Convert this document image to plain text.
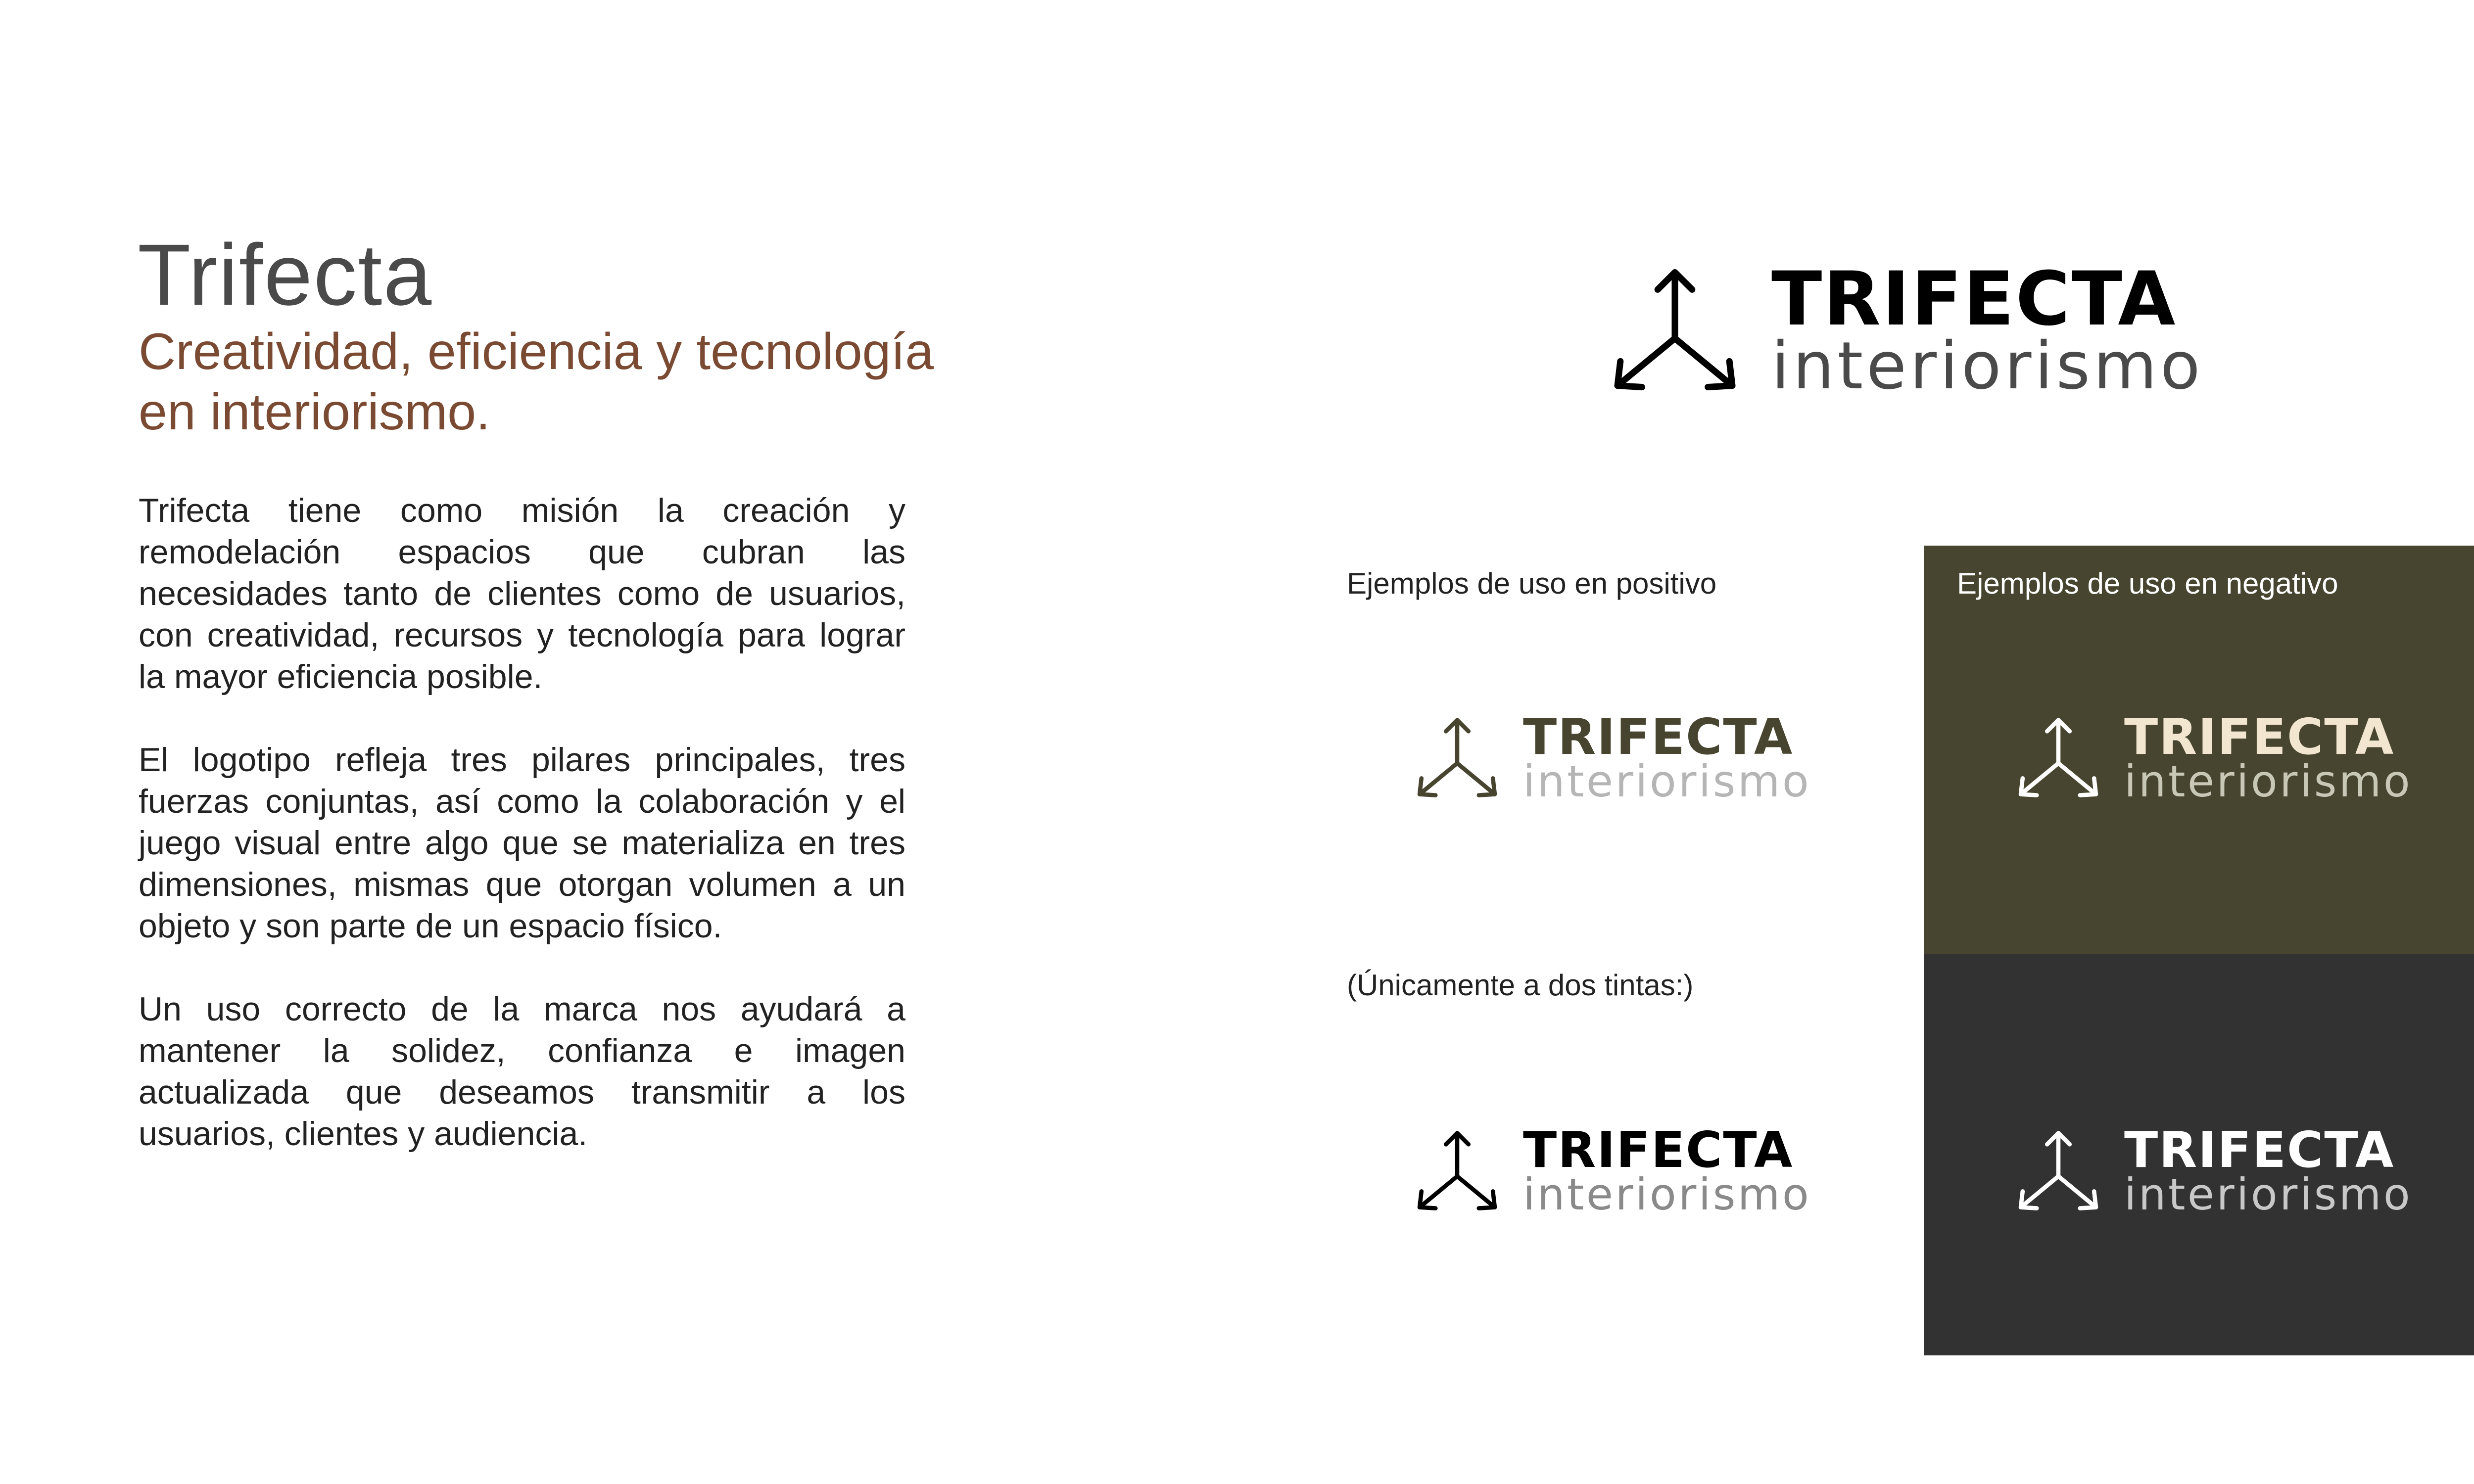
Trifecta
Creatividad, eficiencia y tecnología en interiorismo.

Trifecta tiene como misión la creación y remodelación espacios que cubran las necesidades tanto de clientes como de usuarios, con creatividad, recursos y tecnología para lograr la mayor eficiencia posible.

El logotipo refleja tres pilares principales, tres fuerzas conjuntas, así como la colaboración y el juego visual entre algo que se materializa en tres dimensiones, mismas que otorgan volumen a un objeto y son parte de un espacio físico.

Un uso correcto de la marca nos ayudará a mantener la solidez, confianza e imagen actualizada que deseamos transmitir a los usuarios, clientes y audiencia.

Ejemplos de uso en positivo	Ejemplos de uso en negativo
(Únicamente a dos tintas:)
TRIFECTA
interiorismo
TRIFECTA
interiorismo
TRIFECTA
interiorismo
TRIFECTA
interiorismo
TRIFECTA
interiorismo
